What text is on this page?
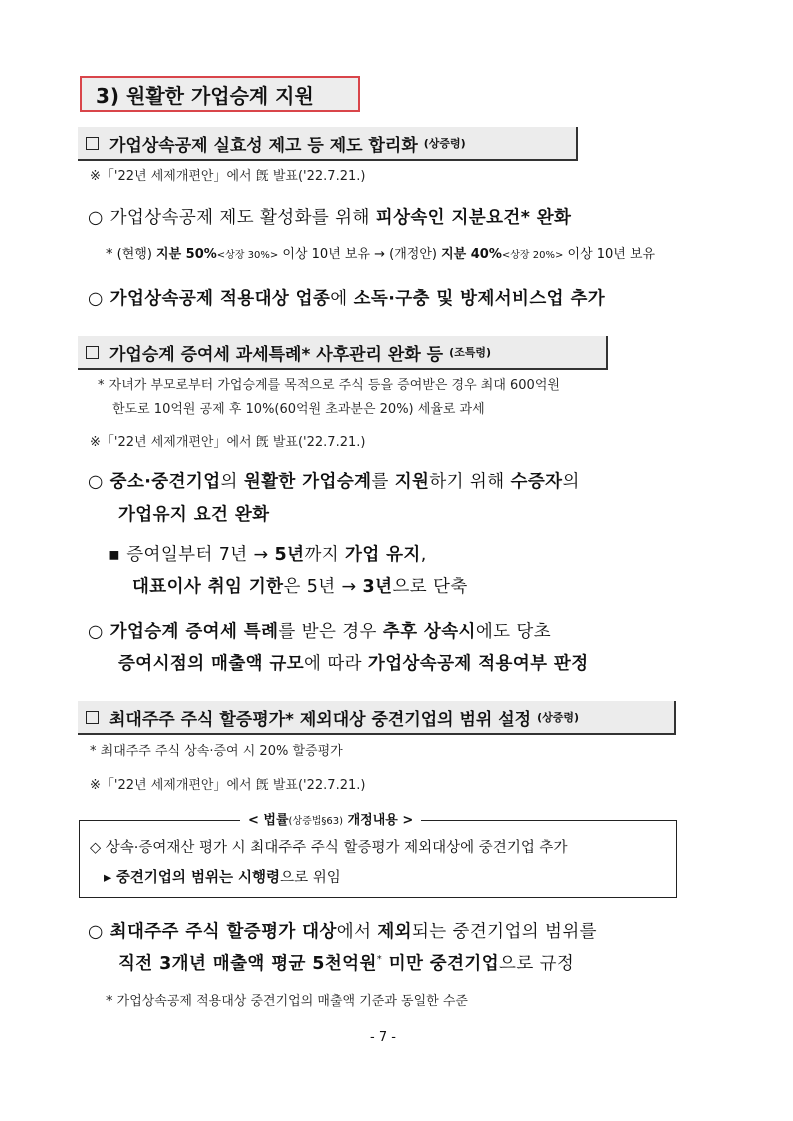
3) 원활한 가업승계 지원
가업상속공제 실효성 제고 등 제도 합리화 (상증령)
※「'22년 세제개편안」에서 旣 발표('22.7.21.)
○ 가업상속공제 제도 활성화를 위해 피상속인 지분요건* 완화
* (현행) 지분 50%<상장 30%> 이상 10년 보유 → (개정안) 지분 40%<상장 20%> 이상 10년 보유
○ 가업상속공제 적용대상 업종에 소독·구충 및 방제서비스업 추가
가업승계 증여세 과세특례* 사후관리 완화 등 (조특령)
* 자녀가 부모로부터 가업승계를 목적으로 주식 등을 증여받은 경우 최대 600억원
한도로 10억원 공제 후 10%(60억원 초과분은 20%) 세율로 과세
※「'22년 세제개편안」에서 旣 발표('22.7.21.)
○ 중소·중견기업의 원활한 가업승계를 지원하기 위해 수증자의
가업유지 요건 완화
▪ 증여일부터 7년 → 5년까지 가업 유지,
대표이사 취임 기한은 5년 → 3년으로 단축
○ 가업승계 증여세 특례를 받은 경우 추후 상속시에도 당초
증여시점의 매출액 규모에 따라 가업상속공제 적용여부 판정
최대주주 주식 할증평가* 제외대상 중견기업의 범위 설정 (상증령)
* 최대주주 주식 상속·증여 시 20% 할증평가
※「'22년 세제개편안」에서 旣 발표('22.7.21.)
< 법률(상증법§63) 개정내용 >
◇ 상속·증여재산 평가 시 최대주주 주식 할증평가 제외대상에 중견기업 추가
▸ 중견기업의 범위는 시행령으로 위임
○ 최대주주 주식 할증평가 대상에서 제외되는 중견기업의 범위를
직전 3개년 매출액 평균 5천억원* 미만 중견기업으로 규정
* 가업상속공제 적용대상 중견기업의 매출액 기준과 동일한 수준
- 7 -
